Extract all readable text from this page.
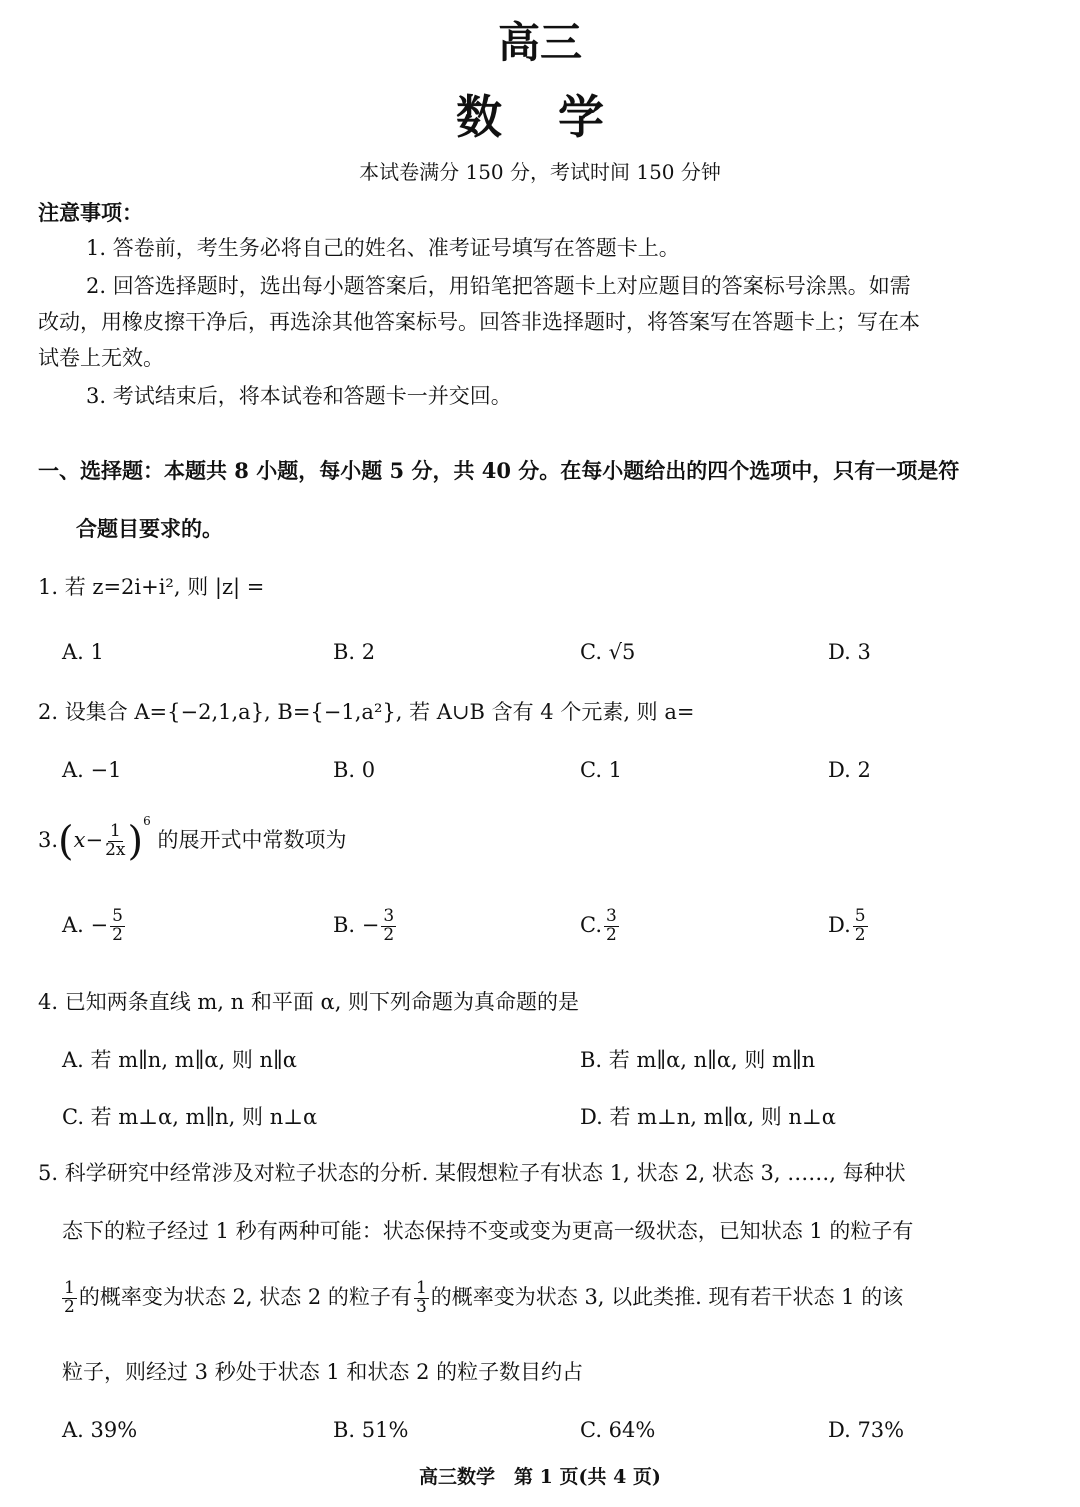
高三
数 学
本试卷满分 150 分，考试时间 150 分钟
注意事项：
1. 答卷前，考生务必将自己的姓名、准考证号填写在答题卡上。
2. 回答选择题时，选出每小题答案后，用铅笔把答题卡上对应题目的答案标号涂黑。如需
改动，用橡皮擦干净后，再选涂其他答案标号。回答非选择题时，将答案写在答题卡上；写在本
试卷上无效。
3. 考试结束后，将本试卷和答题卡一并交回。
一、选择题：本题共 8 小题，每小题 5 分，共 40 分。在每小题给出的四个选项中，只有一项是符
合题目要求的。
1. 若 z=2i+i², 则 |z| =
A. 1	B. 2	C. √5	D. 3
2. 设集合 A={−2,1,a}, B={−1,a²}, 若 A∪B 含有 4 个元素, 则 a=
A. −1	B. 0	C. 1	D. 2
$3.(x- \frac{1}{2x} )^6$ 的展开式中常数项为
A. − $\frac{5}{2}$	B. − $\frac{3}{2}$	C. $\frac{3}{2}$	D. $\frac{5}{2}$
4. 已知两条直线 m, n 和平面 α, 则下列命题为真命题的是
A. 若 m∥n, m∥α, 则 n∥α	B. 若 m∥α, n∥α, 则 m∥n
C. 若 m⊥α, m∥n, 则 n⊥α	D. 若 m⊥n, m∥α, 则 n⊥α
5. 科学研究中经常涉及对粒子状态的分析. 某假想粒子有状态 1, 状态 2, 状态 3, ……, 每种状
态下的粒子经过 1 秒有两种可能：状态保持不变或变为更高一级状态，已知状态 1 的粒子有
$\frac{1}{2}$ 的概率变为状态 2, 状态 2 的粒子有 $\frac{1}{3}$ 的概率变为状态 3, 以此类推. 现有若干状态 1 的该
粒子，则经过 3 秒处于状态 1 和状态 2 的粒子数目约占
A. 39%	B. 51%	C. 64%	D. 73%
高三数学　第 1 页(共 4 页)
